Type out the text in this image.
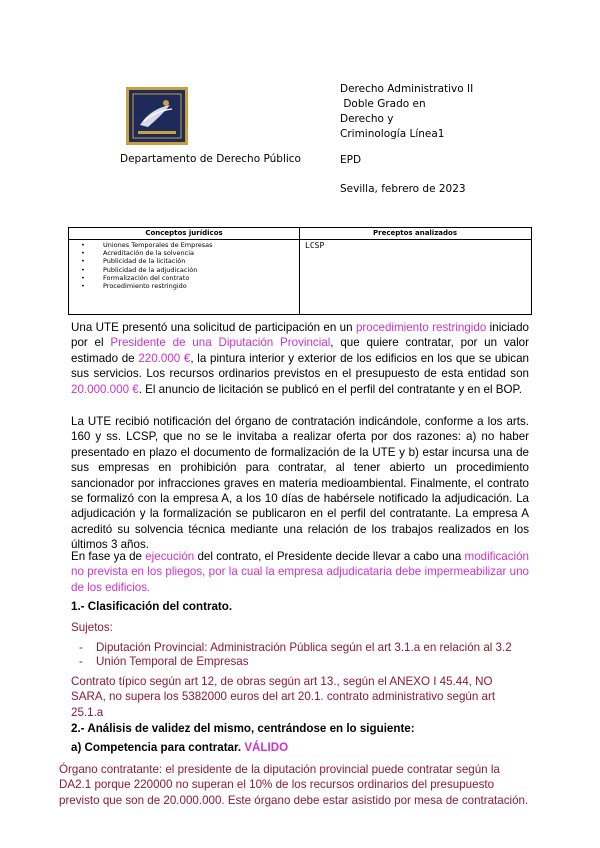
Departamento de Derecho Público
Derecho Administrativo II
Doble Grado en
Derecho y
Criminología Línea1
EPD
Sevilla, febrero de 2023
Conceptos jurídicos	Preceptos analizados
• Uniones Temporales de Empresas
• Acreditación de la solvencia
• Publicidad de la licitación
• Publicidad de la adjudicación
• Formalización del contrato
• Procedimiento restringido
LCSP
Una UTE presentó una solicitud de participación en un procedimiento restringido iniciado por el Presidente de una Diputación Provincial, que quiere contratar, por un valor estimado de 220.000 €, la pintura interior y exterior de los edificios en los que se ubican sus servicios. Los recursos ordinarios previstos en el presupuesto de esta entidad son 20.000.000 €. El anuncio de licitación se publicó en el perfil del contratante y en el BOP.
La UTE recibió notificación del órgano de contratación indicándole, conforme a los arts. 160 y ss. LCSP, que no se le invitaba a realizar oferta por dos razones: a) no haber presentado en plazo el documento de formalización de la UTE y b) estar incursa una de sus empresas en prohibición para contratar, al tener abierto un procedimiento sancionador por infracciones graves en materia medioambiental. Finalmente, el contrato se formalizó con la empresa A, a los 10 días de habérsele notificado la adjudicación. La adjudicación y la formalización se publicaron en el perfil del contratante. La empresa A acreditó su solvencia técnica mediante una relación de los trabajos realizados en los últimos 3 años.
En fase ya de ejecución del contrato, el Presidente decide llevar a cabo una modificación no prevista en los pliegos, por la cual la empresa adjudicataria debe impermeabilizar uno de los edificios.
1.- Clasificación del contrato.
Sujetos:
- Diputación Provincial: Administración Pública según el art 3.1.a en relación al 3.2
- Unión Temporal de Empresas
Contrato típico según art 12, de obras según art 13., según el ANEXO I 45.44, NO SARA, no supera los 5382000 euros del art 20.1. contrato administrativo según art 25.1.a
2.- Análisis de validez del mismo, centrándose en lo siguiente:
a) Competencia para contratar. VÁLIDO
Órgano contratante: el presidente de la diputación provincial puede contratar según la DA2.1 porque 220000 no superan el 10% de los recursos ordinarios del presupuesto previsto que son de 20.000.000. Este órgano debe estar asistido por mesa de contratación.
